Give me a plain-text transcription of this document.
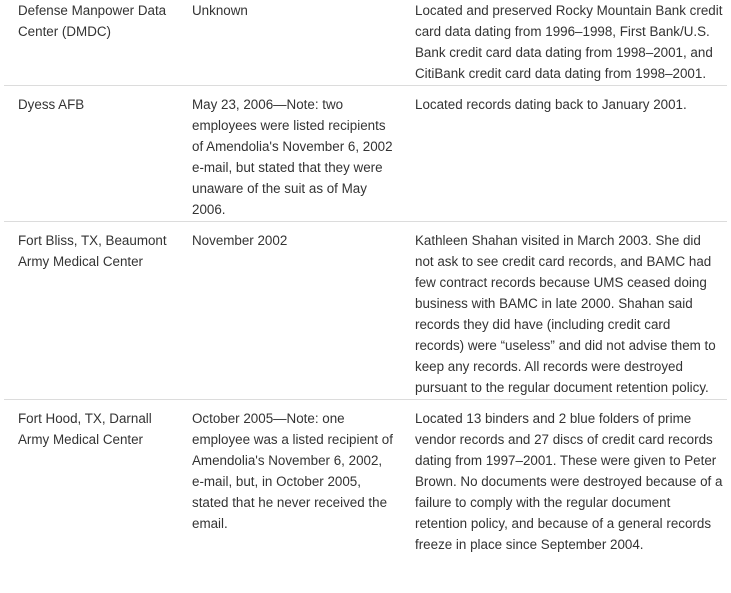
Defense Manpower Data Center (DMDC)	Unknown	Located and preserved Rocky Mountain Bank credit card data dating from 1996–1998, First Bank/U.S. Bank credit card data dating from 1998–2001, and CitiBank credit card data dating from 1998–2001.
Dyess AFB	May 23, 2006—Note: two employees were listed recipients of Amendolia's November 6, 2002 e-mail, but stated that they were unaware of the suit as of May 2006.	Located records dating back to January 2001.
Fort Bliss, TX, Beaumont Army Medical Center	November 2002	Kathleen Shahan visited in March 2003. She did not ask to see credit card records, and BAMC had few contract records because UMS ceased doing business with BAMC in late 2000. Shahan said records they did have (including credit card records) were “useless” and did not advise them to keep any records. All records were destroyed pursuant to the regular document retention policy.
Fort Hood, TX, Darnall Army Medical Center	October 2005—Note: one employee was a listed recipient of Amendolia's November 6, 2002, e-mail, but, in October 2005, stated that he never received the email.	Located 13 binders and 2 blue folders of prime vendor records and 27 discs of credit card records dating from 1997–2001. These were given to Peter Brown. No documents were destroyed because of a failure to comply with the regular document retention policy, and because of a general records freeze in place since September 2004.
